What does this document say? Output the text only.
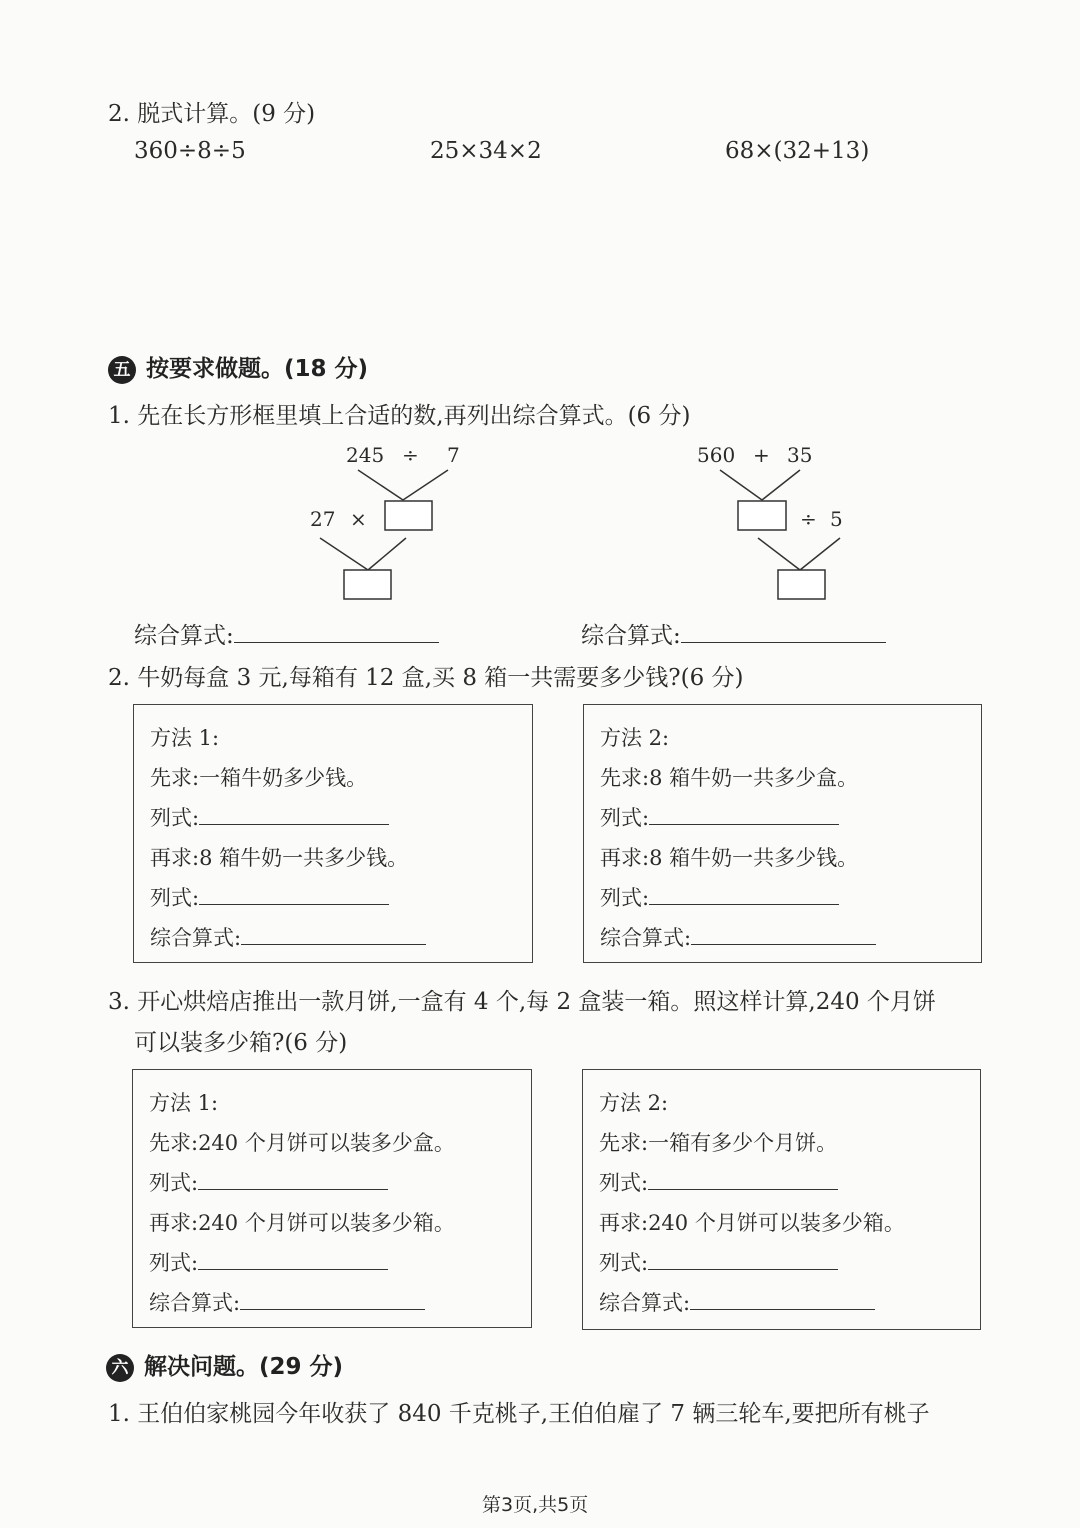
2. 脱式计算。(9 分)
360÷8÷5	25×34×2	68×(32+13)
五 按要求做题。(18 分)
1. 先在长方形框里填上合适的数,再列出综合算式。(6 分)
245 ÷ 7
27 ×
560 + 35
÷ 5
综合算式:	综合算式:
2. 牛奶每盒 3 元,每箱有 12 盒,买 8 箱一共需要多少钱?(6 分)
方法 1:
先求:一箱牛奶多少钱。
列式:
再求:8 箱牛奶一共多少钱。
列式:
综合算式:
方法 2:
先求:8 箱牛奶一共多少盒。
列式:
再求:8 箱牛奶一共多少钱。
列式:
综合算式:
3. 开心烘焙店推出一款月饼,一盒有 4 个,每 2 盒装一箱。照这样计算,240 个月饼
可以装多少箱?(6 分)
方法 1:
先求:240 个月饼可以装多少盒。
列式:
再求:240 个月饼可以装多少箱。
列式:
综合算式:
方法 2:
先求:一箱有多少个月饼。
列式:
再求:240 个月饼可以装多少箱。
列式:
综合算式:
六 解决问题。(29 分)
1. 王伯伯家桃园今年收获了 840 千克桃子,王伯伯雇了 7 辆三轮车,要把所有桃子
第3页,共5页
